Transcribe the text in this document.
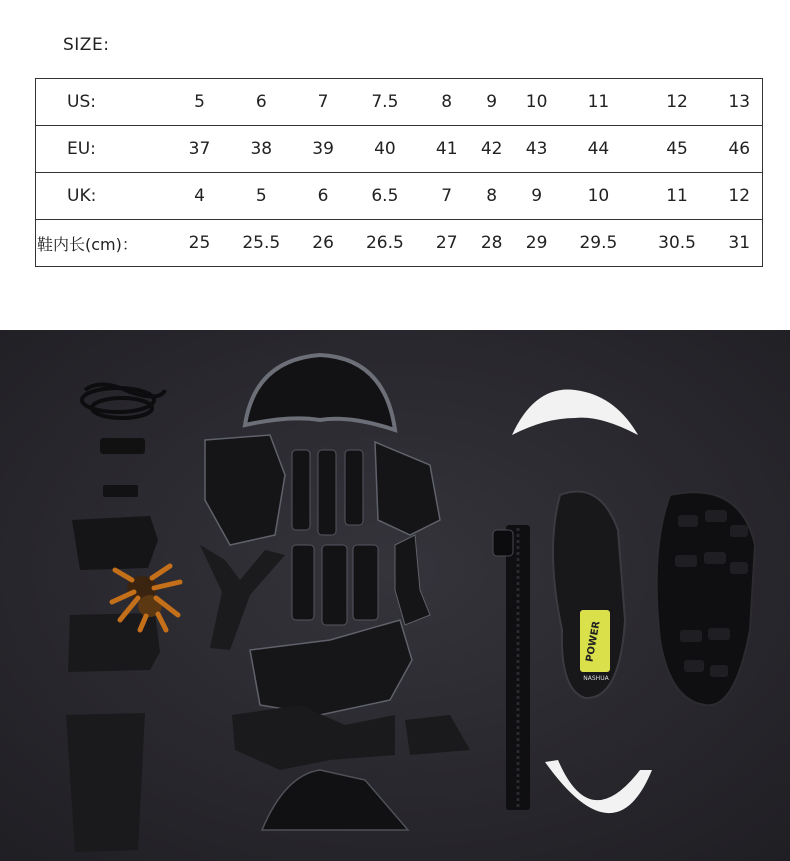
SIZE:
US:	5	6	7	7.5	8	9	10	11	12	13
EU:	37	38	39	40	41	42	43	44	45	46
UK:	4	5	6	6.5	7	8	9	10	11	12
鞋内长(cm)：	25	25.5	26	26.5	27	28	29	29.5	30.5	31
POWER
NASHUA
